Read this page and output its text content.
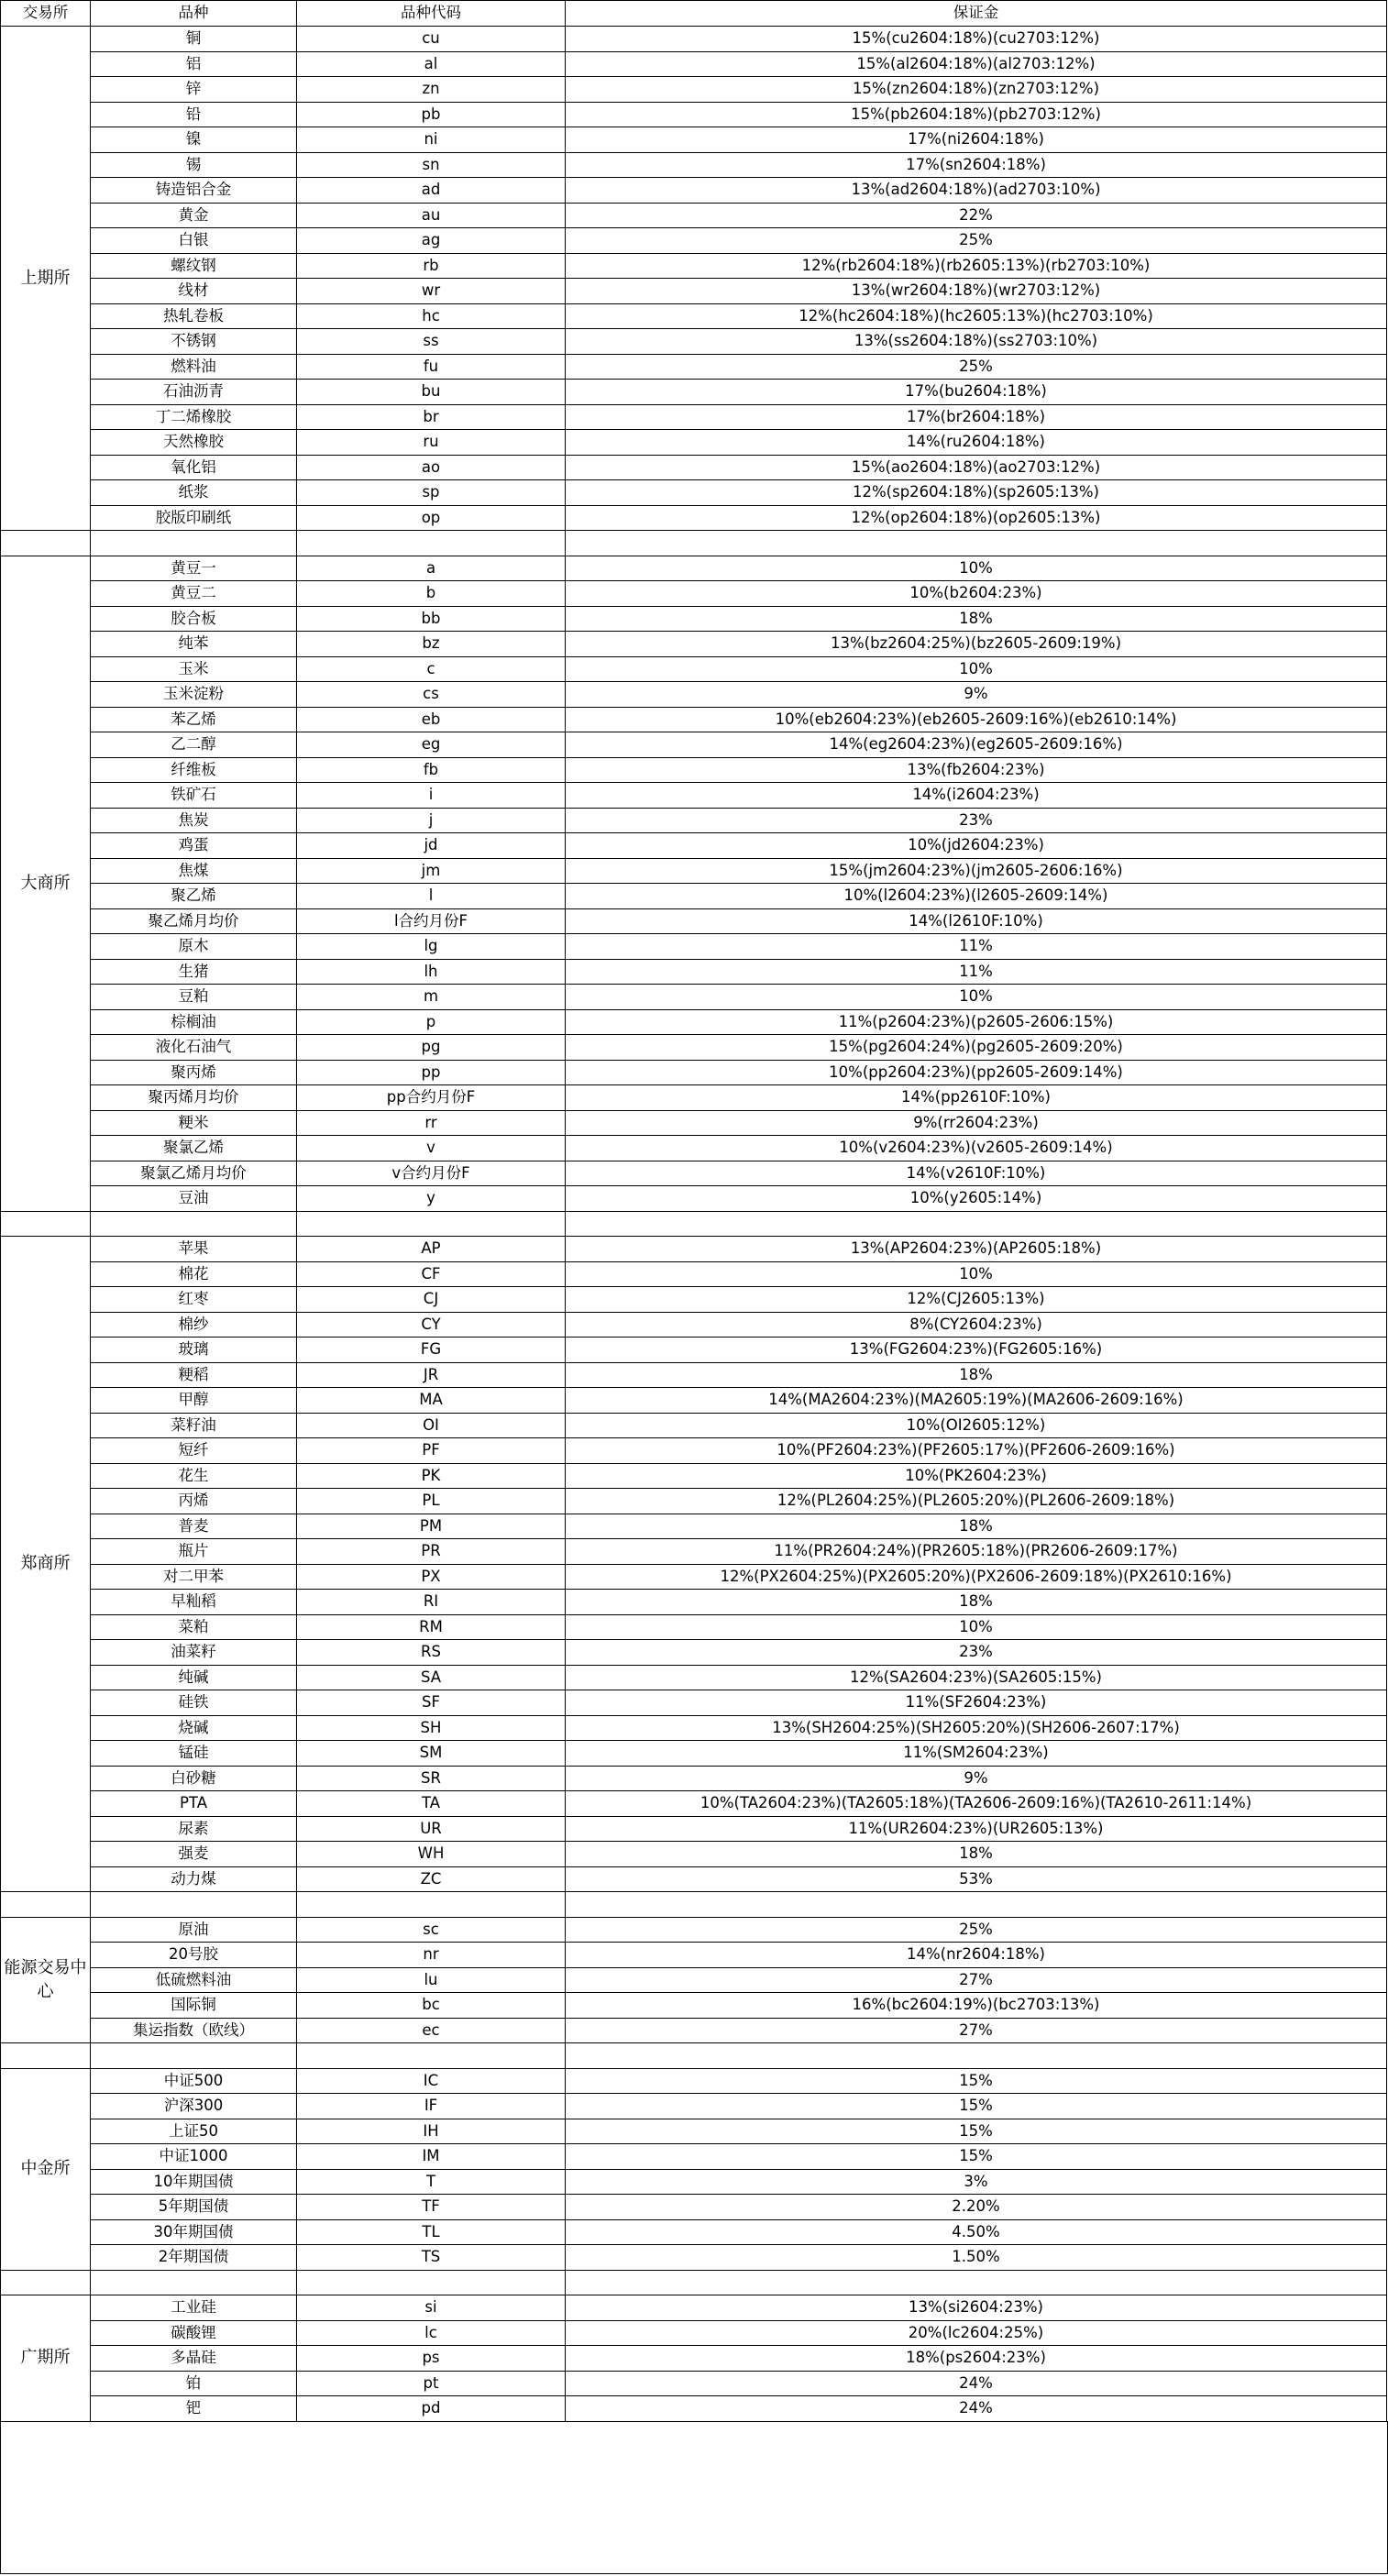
交易所	品种	品种代码	保证金
上期所	铜	cu	15%(cu2604:18%)(cu2703:12%)
	铝	al	15%(al2604:18%)(al2703:12%)
	锌	zn	15%(zn2604:18%)(zn2703:12%)
	铅	pb	15%(pb2604:18%)(pb2703:12%)
	镍	ni	17%(ni2604:18%)
	锡	sn	17%(sn2604:18%)
	铸造铝合金	ad	13%(ad2604:18%)(ad2703:10%)
	黄金	au	22%
	白银	ag	25%
	螺纹钢	rb	12%(rb2604:18%)(rb2605:13%)(rb2703:10%)
	线材	wr	13%(wr2604:18%)(wr2703:12%)
	热轧卷板	hc	12%(hc2604:18%)(hc2605:13%)(hc2703:10%)
	不锈钢	ss	13%(ss2604:18%)(ss2703:10%)
	燃料油	fu	25%
	石油沥青	bu	17%(bu2604:18%)
	丁二烯橡胶	br	17%(br2604:18%)
	天然橡胶	ru	14%(ru2604:18%)
	氧化铝	ao	15%(ao2604:18%)(ao2703:12%)
	纸浆	sp	12%(sp2604:18%)(sp2605:13%)
	胶版印刷纸	op	12%(op2604:18%)(op2605:13%)

大商所	黄豆一	a	10%
	黄豆二	b	10%(b2604:23%)
	胶合板	bb	18%
	纯苯	bz	13%(bz2604:25%)(bz2605-2609:19%)
	玉米	c	10%
	玉米淀粉	cs	9%
	苯乙烯	eb	10%(eb2604:23%)(eb2605-2609:16%)(eb2610:14%)
	乙二醇	eg	14%(eg2604:23%)(eg2605-2609:16%)
	纤维板	fb	13%(fb2604:23%)
	铁矿石	i	14%(i2604:23%)
	焦炭	j	23%
	鸡蛋	jd	10%(jd2604:23%)
	焦煤	jm	15%(jm2604:23%)(jm2605-2606:16%)
	聚乙烯	l	10%(l2604:23%)(l2605-2609:14%)
	聚乙烯月均价	l合约月份F	14%(l2610F:10%)
	原木	lg	11%
	生猪	lh	11%
	豆粕	m	10%
	棕榈油	p	11%(p2604:23%)(p2605-2606:15%)
	液化石油气	pg	15%(pg2604:24%)(pg2605-2609:20%)
	聚丙烯	pp	10%(pp2604:23%)(pp2605-2609:14%)
	聚丙烯月均价	pp合约月份F	14%(pp2610F:10%)
	粳米	rr	9%(rr2604:23%)
	聚氯乙烯	v	10%(v2604:23%)(v2605-2609:14%)
	聚氯乙烯月均价	v合约月份F	14%(v2610F:10%)
	豆油	y	10%(y2605:14%)

郑商所	苹果	AP	13%(AP2604:23%)(AP2605:18%)
	棉花	CF	10%
	红枣	CJ	12%(CJ2605:13%)
	棉纱	CY	8%(CY2604:23%)
	玻璃	FG	13%(FG2604:23%)(FG2605:16%)
	粳稻	JR	18%
	甲醇	MA	14%(MA2604:23%)(MA2605:19%)(MA2606-2609:16%)
	菜籽油	OI	10%(OI2605:12%)
	短纤	PF	10%(PF2604:23%)(PF2605:17%)(PF2606-2609:16%)
	花生	PK	10%(PK2604:23%)
	丙烯	PL	12%(PL2604:25%)(PL2605:20%)(PL2606-2609:18%)
	普麦	PM	18%
	瓶片	PR	11%(PR2604:24%)(PR2605:18%)(PR2606-2609:17%)
	对二甲苯	PX	12%(PX2604:25%)(PX2605:20%)(PX2606-2609:18%)(PX2610:16%)
	早籼稻	RI	18%
	菜粕	RM	10%
	油菜籽	RS	23%
	纯碱	SA	12%(SA2604:23%)(SA2605:15%)
	硅铁	SF	11%(SF2604:23%)
	烧碱	SH	13%(SH2604:25%)(SH2605:20%)(SH2606-2607:17%)
	锰硅	SM	11%(SM2604:23%)
	白砂糖	SR	9%
	PTA	TA	10%(TA2604:23%)(TA2605:18%)(TA2606-2609:16%)(TA2610-2611:14%)
	尿素	UR	11%(UR2604:23%)(UR2605:13%)
	强麦	WH	18%
	动力煤	ZC	53%

能源交易中心	原油	sc	25%
	20号胶	nr	14%(nr2604:18%)
	低硫燃料油	lu	27%
	国际铜	bc	16%(bc2604:19%)(bc2703:13%)
	集运指数（欧线）	ec	27%

中金所	中证500	IC	15%
	沪深300	IF	15%
	上证50	IH	15%
	中证1000	IM	15%
	10年期国债	T	3%
	5年期国债	TF	2.20%
	30年期国债	TL	4.50%
	2年期国债	TS	1.50%

广期所	工业硅	si	13%(si2604:23%)
	碳酸锂	lc	20%(lc2604:25%)
	多晶硅	ps	18%(ps2604:23%)
	铂	pt	24%
	钯	pd	24%
